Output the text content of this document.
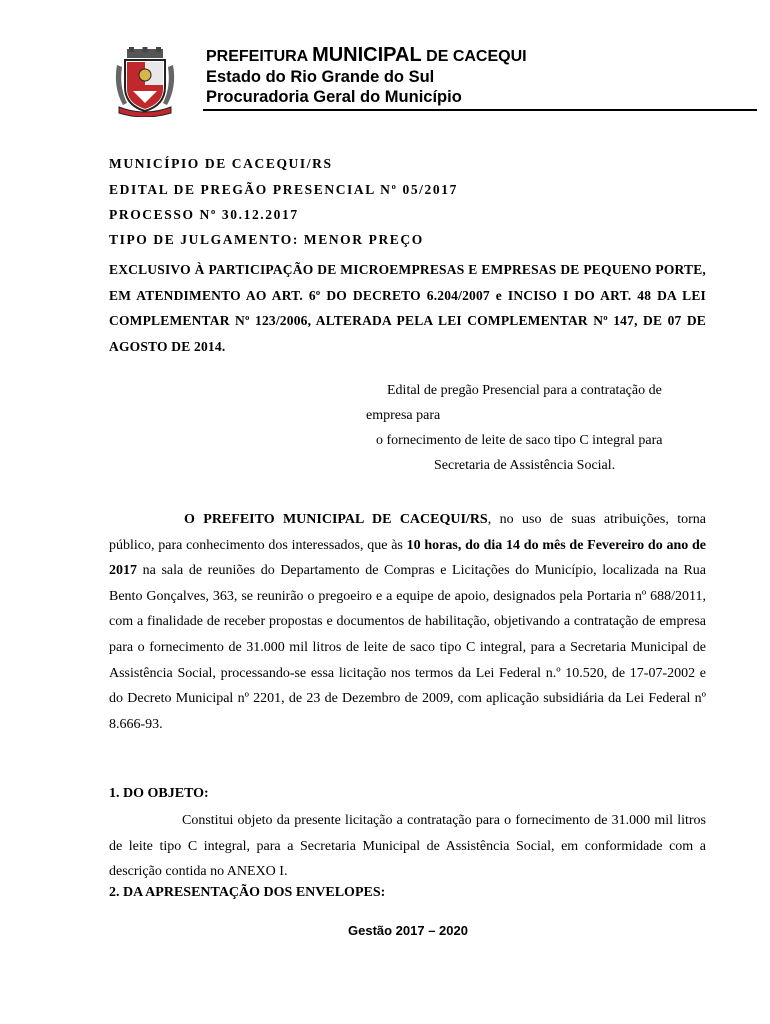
PREFEITURA MUNICIPAL DE CACEQUI
Estado do Rio Grande do Sul
Procuradoria Geral do Município
MUNICÍPIO DE CACEQUI/RS
EDITAL DE PREGÃO PRESENCIAL Nº 05/2017
PROCESSO Nº 30.12.2017
TIPO DE JULGAMENTO: MENOR PREÇO
EXCLUSIVO À PARTICIPAÇÃO DE MICROEMPRESAS E EMPRESAS DE PEQUENO PORTE, EM ATENDIMENTO AO ART. 6º DO DECRETO 6.204/2007 e INCISO I DO ART. 48 DA LEI COMPLEMENTAR Nº 123/2006, ALTERADA PELA LEI COMPLEMENTAR Nº 147, DE 07 DE AGOSTO DE 2014.
Edital de pregão Presencial para a contratação de
empresa para
o fornecimento de leite de saco tipo C integral para
Secretaria de Assistência Social.

O PREFEITO MUNICIPAL DE CACEQUI/RS, no uso de suas atribuições, torna público, para conhecimento dos interessados, que às 10 horas, do dia 14 do mês de Fevereiro do ano de 2017 na sala de reuniões do Departamento de Compras e Licitações do Município, localizada na Rua Bento Gonçalves, 363, se reunirão o pregoeiro e a equipe de apoio, designados pela Portaria nº 688/2011, com a finalidade de receber propostas e documentos de habilitação, objetivando a contratação de empresa para o fornecimento de 31.000 mil litros de leite de saco tipo C integral, para a Secretaria Municipal de Assistência Social, processando-se essa licitação nos termos da Lei Federal n.º 10.520, de 17-07-2002 e do Decreto Municipal nº 2201, de 23 de Dezembro de 2009, com aplicação subsidiária da Lei Federal nº 8.666-93.

1. DO OBJETO:

Constitui objeto da presente licitação a contratação para o fornecimento de 31.000 mil litros de leite tipo C integral, para a Secretaria Municipal de Assistência Social, em conformidade com a descrição contida no ANEXO I.

2. DA APRESENTAÇÃO DOS ENVELOPES:
Gestão 2017 – 2020
